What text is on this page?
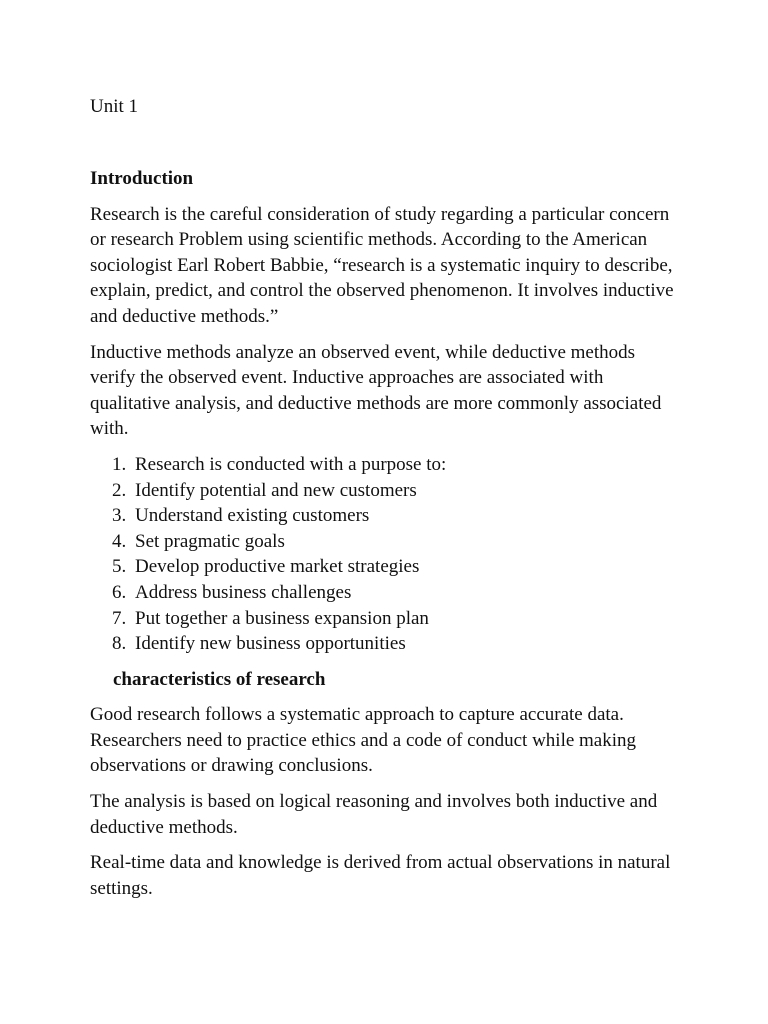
Unit 1

Introduction

Research is the careful consideration of study regarding a particular concern or research Problem using scientific methods. According to the American sociologist Earl Robert Babbie, “research is a systematic inquiry to describe, explain, predict, and control the observed phenomenon. It involves inductive and deductive methods.”

Inductive methods analyze an observed event, while deductive methods verify the observed event. Inductive approaches are associated with qualitative analysis, and deductive methods are more commonly associated with.

1. Research is conducted with a purpose to:
2. Identify potential and new customers
3. Understand existing customers
4. Set pragmatic goals
5. Develop productive market strategies
6. Address business challenges
7. Put together a business expansion plan
8. Identify new business opportunities

characteristics of research

Good research follows a systematic approach to capture accurate data. Researchers need to practice ethics and a code of conduct while making observations or drawing conclusions.

The analysis is based on logical reasoning and involves both inductive and deductive methods.

Real-time data and knowledge is derived from actual observations in natural settings.
